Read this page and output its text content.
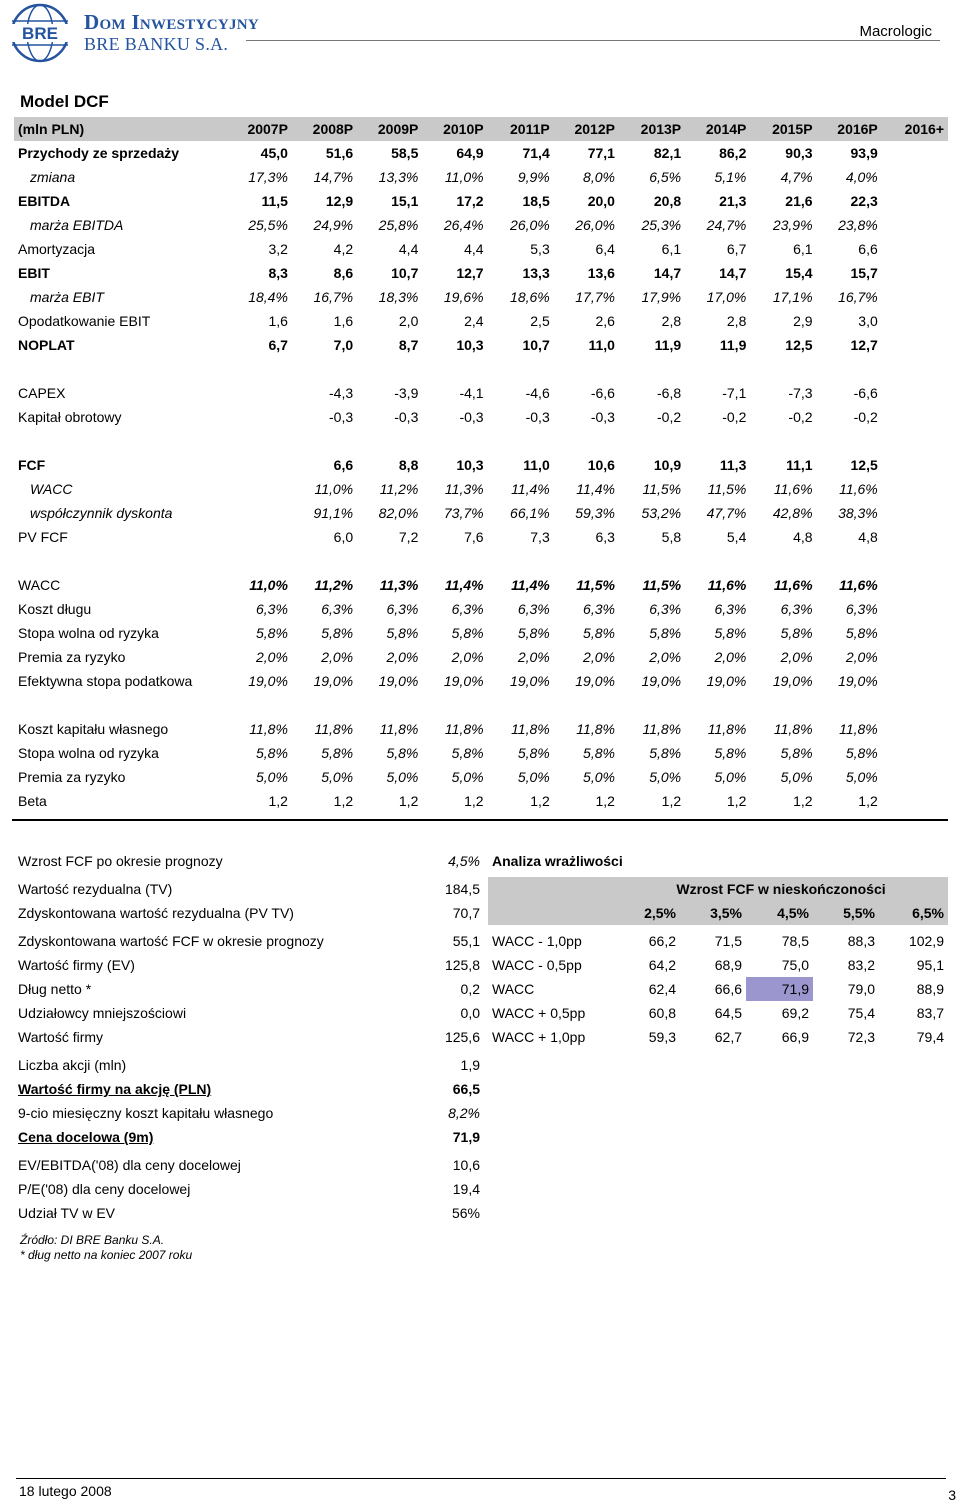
BRE Dom Inwestycyjny
BRE BANKU S.A.
Macrologic
Model DCF
(mln PLN)	2007P	2008P	2009P	2010P	2011P	2012P	2013P	2014P	2015P	2016P	2016+
Przychody ze sprzedaży	45,0	51,6	58,5	64,9	71,4	77,1	82,1	86,2	90,3	93,9	
zmiana	17,3%	14,7%	13,3%	11,0%	9,9%	8,0%	6,5%	5,1%	4,7%	4,0%	
EBITDA	11,5	12,9	15,1	17,2	18,5	20,0	20,8	21,3	21,6	22,3	
marża EBITDA	25,5%	24,9%	25,8%	26,4%	26,0%	26,0%	25,3%	24,7%	23,9%	23,8%	
Amortyzacja	3,2	4,2	4,4	4,4	5,3	6,4	6,1	6,7	6,1	6,6	
EBIT	8,3	8,6	10,7	12,7	13,3	13,6	14,7	14,7	15,4	15,7	
marża EBIT	18,4%	16,7%	18,3%	19,6%	18,6%	17,7%	17,9%	17,0%	17,1%	16,7%	
Opodatkowanie EBIT	1,6	1,6	2,0	2,4	2,5	2,6	2,8	2,8	2,9	3,0	
NOPLAT	6,7	7,0	8,7	10,3	10,7	11,0	11,9	11,9	12,5	12,7	

CAPEX		-4,3	-3,9	-4,1	-4,6	-6,6	-6,8	-7,1	-7,3	-6,6	
Kapitał obrotowy		-0,3	-0,3	-0,3	-0,3	-0,3	-0,2	-0,2	-0,2	-0,2	

FCF		6,6	8,8	10,3	11,0	10,6	10,9	11,3	11,1	12,5	
WACC		11,0%	11,2%	11,3%	11,4%	11,4%	11,5%	11,5%	11,6%	11,6%	
współczynnik dyskonta		91,1%	82,0%	73,7%	66,1%	59,3%	53,2%	47,7%	42,8%	38,3%	
PV FCF		6,0	7,2	7,6	7,3	6,3	5,8	5,4	4,8	4,8	

WACC	11,0%	11,2%	11,3%	11,4%	11,4%	11,5%	11,5%	11,6%	11,6%	11,6%	
Koszt długu	6,3%	6,3%	6,3%	6,3%	6,3%	6,3%	6,3%	6,3%	6,3%	6,3%	
Stopa wolna od ryzyka	5,8%	5,8%	5,8%	5,8%	5,8%	5,8%	5,8%	5,8%	5,8%	5,8%	
Premia za ryzyko	2,0%	2,0%	2,0%	2,0%	2,0%	2,0%	2,0%	2,0%	2,0%	2,0%	
Efektywna stopa podatkowa	19,0%	19,0%	19,0%	19,0%	19,0%	19,0%	19,0%	19,0%	19,0%	19,0%	

Koszt kapitału własnego	11,8%	11,8%	11,8%	11,8%	11,8%	11,8%	11,8%	11,8%	11,8%	11,8%	
Stopa wolna od ryzyka	5,8%	5,8%	5,8%	5,8%	5,8%	5,8%	5,8%	5,8%	5,8%	5,8%	
Premia za ryzyko	5,0%	5,0%	5,0%	5,0%	5,0%	5,0%	5,0%	5,0%	5,0%	5,0%	
Beta	1,2	1,2	1,2	1,2	1,2	1,2	1,2	1,2	1,2	1,2	
Wzrost FCF po okresie prognozy	4,5%

Wartość rezydualna (TV)	184,5
Zdyskontowana wartość rezydualna (PV TV)	70,7

Zdyskontowana wartość FCF w okresie prognozy	55,1
Wartość firmy (EV)	125,8
Dług netto *	0,2
Udziałowcy mniejszościowi	0,0
Wartość firmy	125,6

Liczba akcji (mln)	1,9
Wartość firmy na akcję (PLN)	66,5
9-cio miesięczny koszt kapitału własnego	8,2%
Cena docelowa (9m)	71,9

EV/EBITDA('08) dla ceny docelowej	10,6
P/E('08) dla ceny docelowej	19,4
Udział TV w EV	56%
Analiza wrażliwości					

	Wzrost FCF w nieskończoności				
	2,5%	3,5%	4,5%	5,5%	6,5%

WACC - 1,0pp	66,2	71,5	78,5	88,3	102,9
WACC - 0,5pp	64,2	68,9	75,0	83,2	95,1
WACC	62,4	66,6	71,9	79,0	88,9
WACC + 0,5pp	60,8	64,5	69,2	75,4	83,7
WACC + 1,0pp	59,3	62,7	66,9	72,3	79,4
Źródło: DI BRE Banku S.A.
* dług netto na koniec 2007 roku
18 lutego 2008	3
